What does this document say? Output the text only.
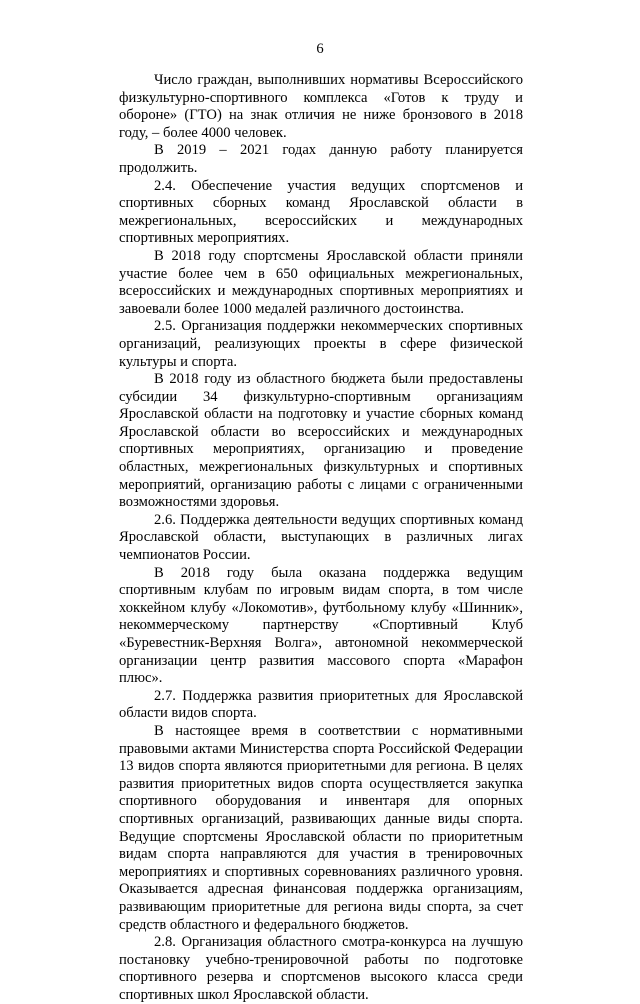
6

Число граждан, выполнивших нормативы Всероссийского физкультурно-спортивного комплекса «Готов к труду и обороне» (ГТО) на знак отличия не ниже бронзового в 2018 году, – более 4000 человек.

В 2019 – 2021 годах данную работу планируется продолжить.

2.4. Обеспечение участия ведущих спортсменов и спортивных сборных команд Ярославской области в межрегиональных, всероссийских и международных спортивных мероприятиях.

В 2018 году спортсмены Ярославской области приняли участие более чем в 650 официальных межрегиональных, всероссийских и международных спортивных мероприятиях и завоевали более 1000 медалей различного достоинства.

2.5. Организация поддержки некоммерческих спортивных организаций, реализующих проекты в сфере физической культуры и спорта.

В 2018 году из областного бюджета были предоставлены субсидии 34 физкультурно-спортивным организациям Ярославской области на подготовку и участие сборных команд Ярославской области во всероссийских и международных спортивных мероприятиях, организацию и проведение областных, межрегиональных физкультурных и спортивных мероприятий, организацию работы с лицами с ограниченными возможностями здоровья.

2.6. Поддержка деятельности ведущих спортивных команд Ярославской области, выступающих в различных лигах чемпионатов России.

В 2018 году была оказана поддержка ведущим спортивным клубам по игровым видам спорта, в том числе хоккейном клубу «Локомотив», футбольному клубу «Шинник», некоммерческому партнерству «Спортивный Клуб «Буревестник-Верхняя Волга», автономной некоммерческой организации центр развития массового спорта «Марафон плюс».

2.7. Поддержка развития приоритетных для Ярославской области видов спорта.

В настоящее время в соответствии с нормативными правовыми актами Министерства спорта Российской Федерации 13 видов спорта являются приоритетными для региона. В целях развития приоритетных видов спорта осуществляется закупка спортивного оборудования и инвентаря для опорных спортивных организаций, развивающих данные виды спорта. Ведущие спортсмены Ярославской области по приоритетным видам спорта направляются для участия в тренировочных мероприятиях и спортивных соревнованиях различного уровня. Оказывается адресная финансовая поддержка организациям, развивающим приоритетные для региона виды спорта, за счет средств областного и федерального бюджетов.

2.8. Организация областного смотра-конкурса на лучшую постановку учебно-тренировочной работы по подготовке спортивного резерва и спортсменов высокого класса среди спортивных школ Ярославской области.
